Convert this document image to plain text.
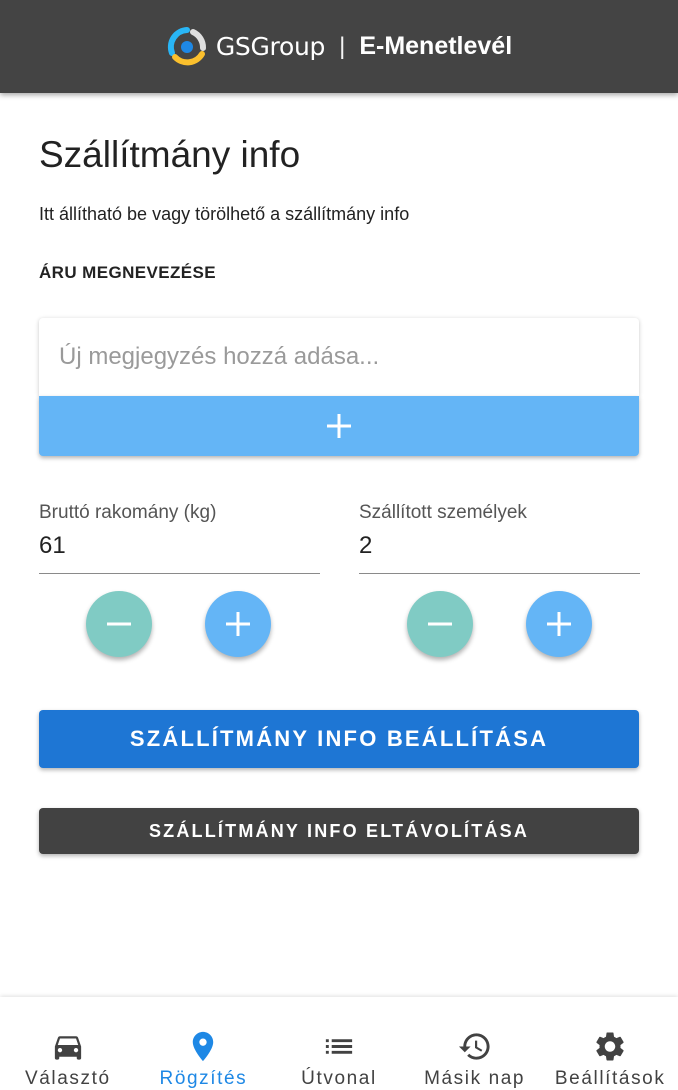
GSGroup | E-Menetlevél
Szállítmány info

Itt állítható be vagy törölhető a szállítmány info

ÁRU MEGNEVEZÉSE
Új megjegyzés hozzá adása...
Bruttó rakomány (kg)
61
Szállított személyek
2
SZÁLLÍTMÁNY INFO BEÁLLÍTÁSA
SZÁLLÍTMÁNY INFO ELTÁVOLÍTÁSA
Választó	Rögzítés	Útvonal Másik nap Beállítások
